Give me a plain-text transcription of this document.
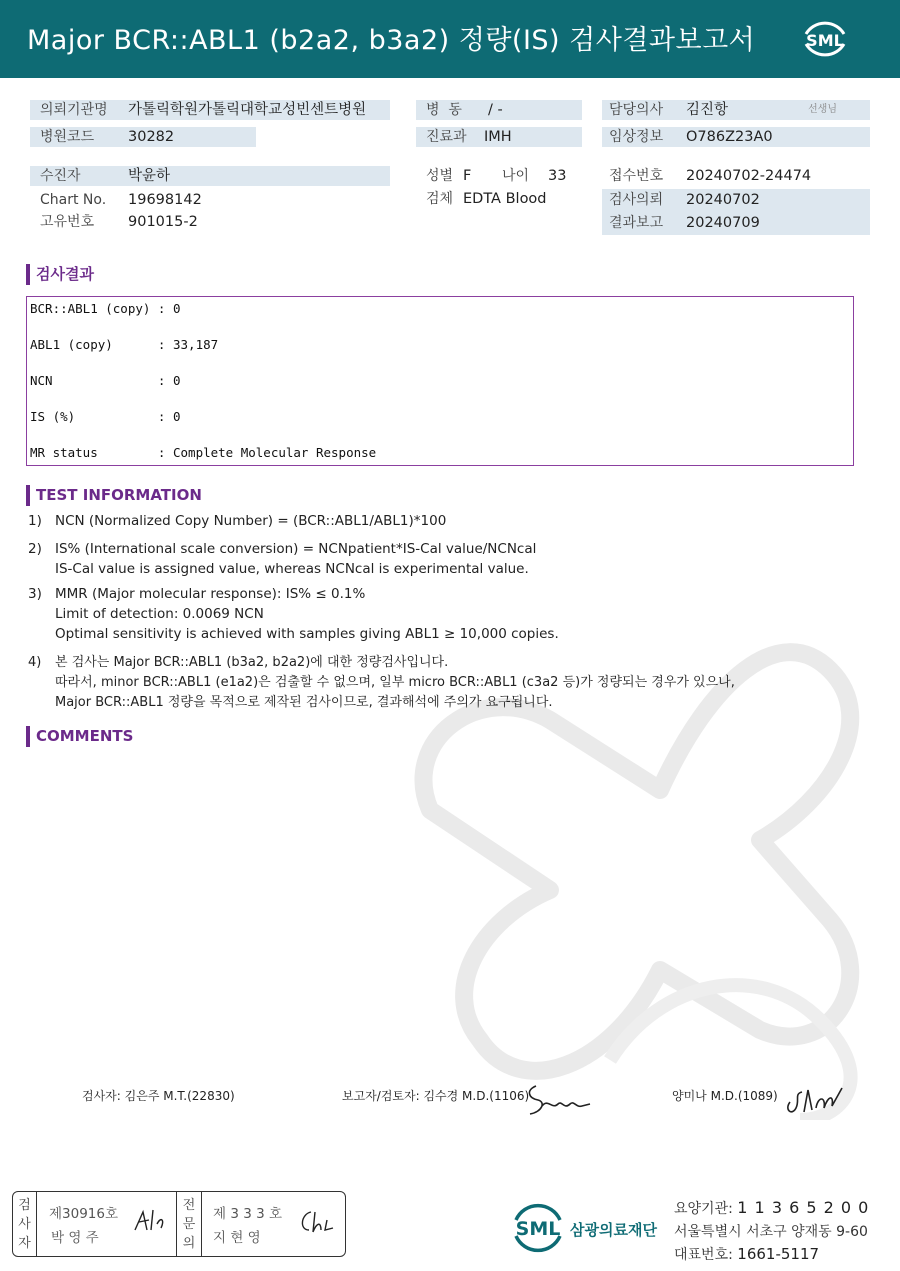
Major BCR::ABL1 (b2a2, b3a2) 정량(IS) 검사결과보고서	SML
의뢰기관명 가톨릭학원가톨릭대학교성빈센트병원
병원코드 30282
병  동 / -
진료과 IMH
담당의사 김진항	선생님
임상정보 O786Z23A0
수진자	박윤하
Chart No. 19698142
고유번호 901015-2
성별 F 나이 33
검체 EDTA Blood
접수번호 20240702-24474
검사의뢰 20240702
결과보고 20240709
검사결과
BCR::ABL1 (copy) : 0
ABL1 (copy)      : 33,187
NCN              : 0
IS (%)           : 0
MR status        : Complete Molecular Response
TEST INFORMATION
1) NCN (Normalized Copy Number) = (BCR::ABL1/ABL1)*100
2) IS% (International scale conversion) = NCNpatient*IS-Cal value/NCNcal
IS-Cal value is assigned value, whereas NCNcal is experimental value.
3) MMR (Major molecular response): IS% ≤ 0.1%
Limit of detection: 0.0069 NCN
Optimal sensitivity is achieved with samples giving ABL1 ≥ 10,000 copies.
4) 본 검사는 Major BCR::ABL1 (b3a2, b2a2)에 대한 정량검사입니다.
따라서, minor BCR::ABL1 (e1a2)은 검출할 수 없으며, 일부 micro BCR::ABL1 (c3a2 등)가 정량되는 경우가 있으나,
Major BCR::ABL1 정량을 목적으로 제작된 검사이므로, 결과해석에 주의가 요구됩니다.
COMMENTS
검사자: 김은주 M.T.(22830)	보고자/검토자: 김수경 M.D.(1106)	양미나 M.D.(1089)
검사자
제30916호
박 영 주
전문의
제 3 3 3 호
지 현 영	SML 삼광의료재단
요양기관: 1 1 3 6 5 2 0 0
서울특별시 서초구 양재동 9-60
대표번호: 1661-5117
